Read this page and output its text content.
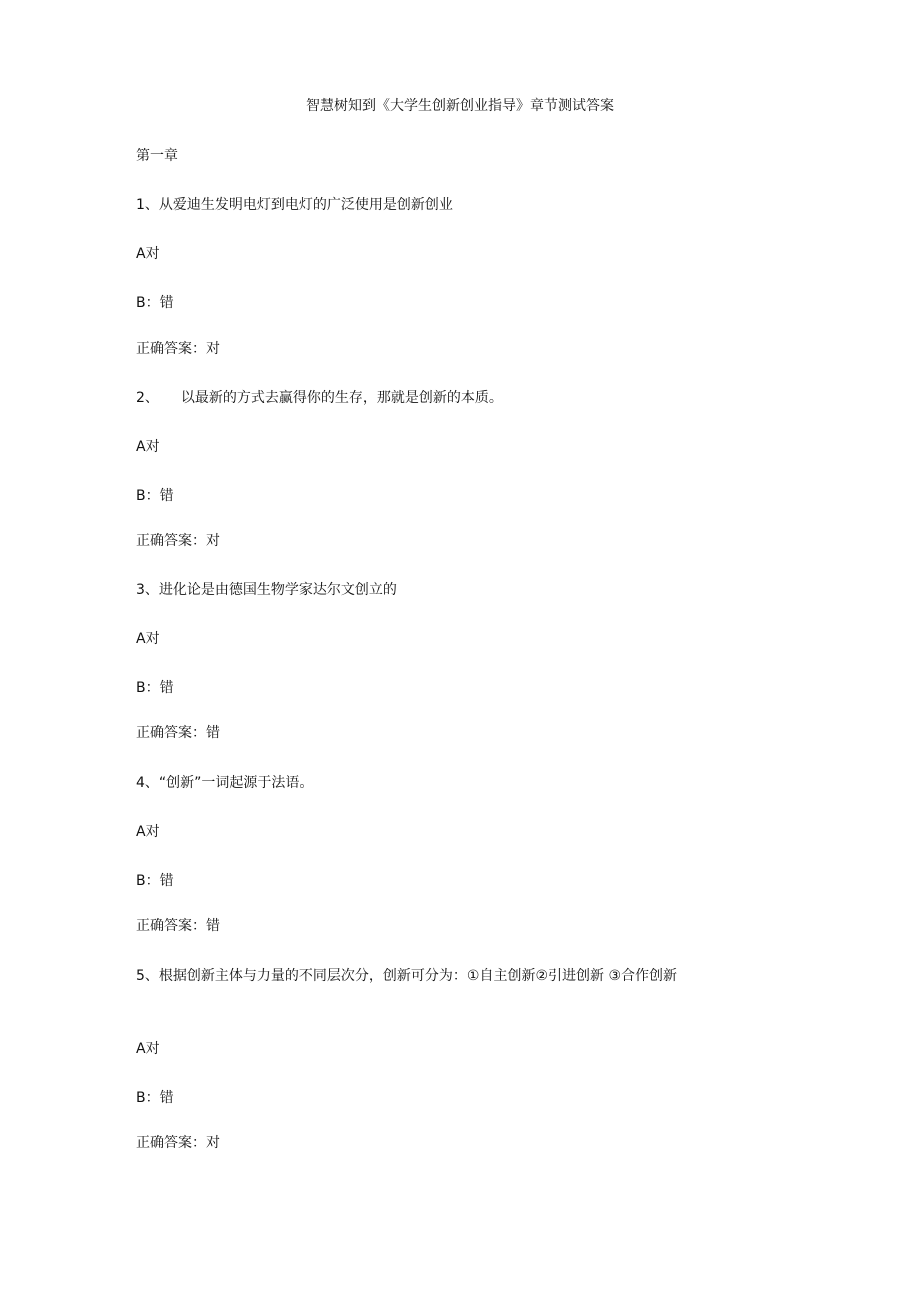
智慧树知到《大学生创新创业指导》章节测试答案
第一章
1、从爱迪生发明电灯到电灯的广泛使用是创新创业
A对
B：错
正确答案：对
2、 以最新的方式去赢得你的生存，那就是创新的本质。
A对
B：错
正确答案：对
3、进化论是由德国生物学家达尔文创立的
A对
B：错
正确答案：错
4、“创新”一词起源于法语。
A对
B：错
正确答案：错
5、根据创新主体与力量的不同层次分，创新可分为：①自主创新②引进创新 ③合作创新
A对
B：错
正确答案：对
